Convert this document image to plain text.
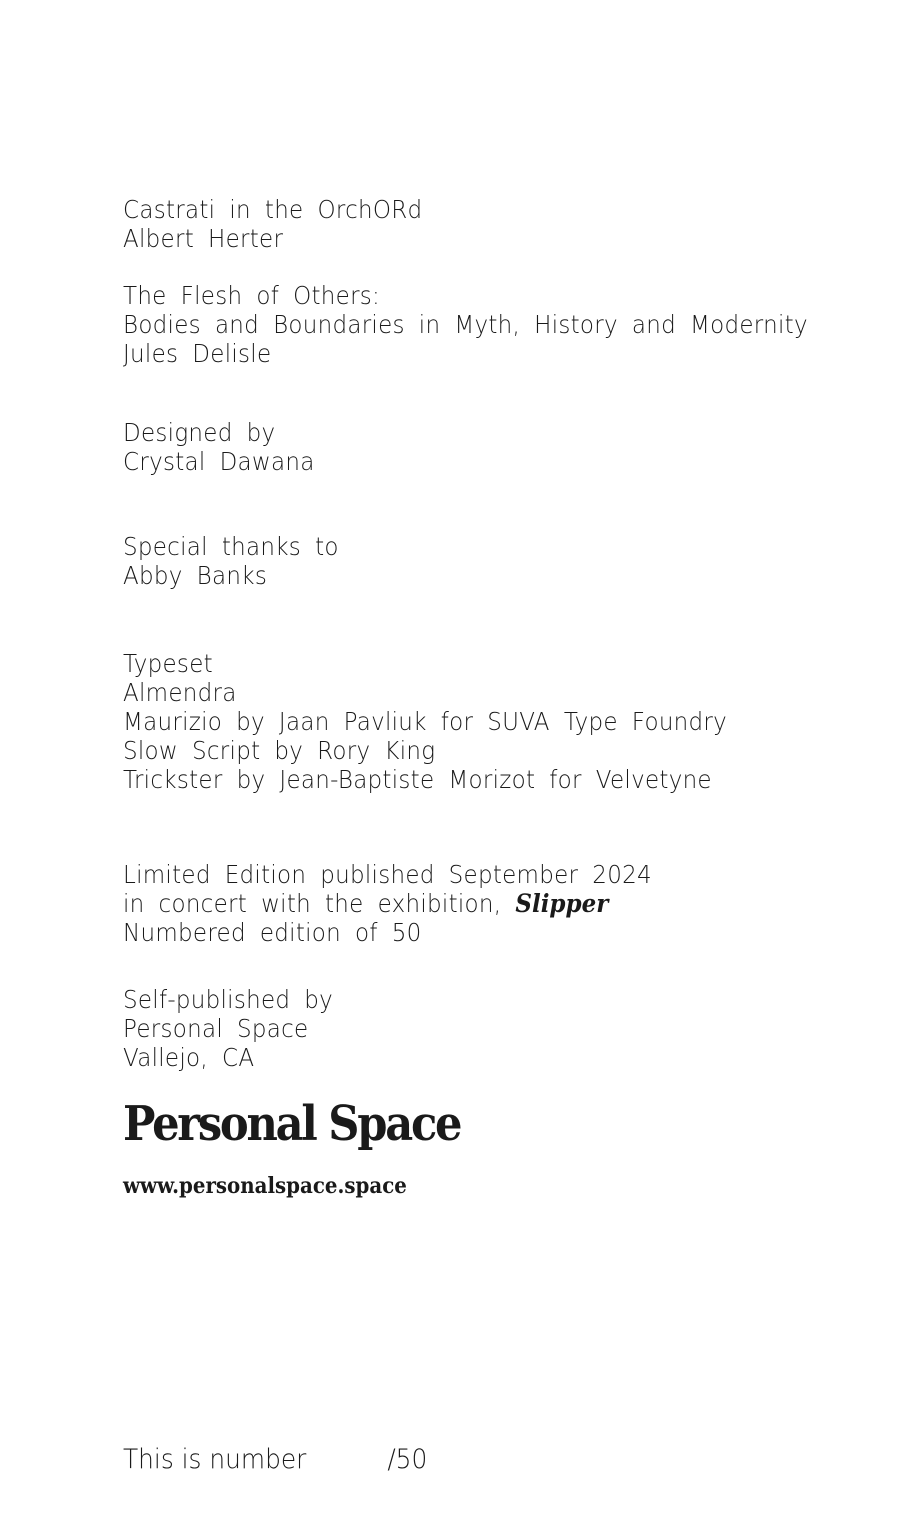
Castrati in the OrchORd
Albert Herter
The Flesh of Others:
Bodies and Boundaries in Myth, History and Modernity
Jules Delisle
Designed by
Crystal Dawana
Special thanks to
Abby Banks
Typeset
Almendra
Maurizio by Jaan Pavliuk for SUVA Type Foundry
Slow Script by Rory King
Trickster by Jean-Baptiste Morizot for Velvetyne
Limited Edition published September 2024
in concert with the exhibition, Slipper
Numbered edition of 50
Self-published by
Personal Space
Vallejo, CA
Personal Space
www.personalspace.space
This is number	/50
